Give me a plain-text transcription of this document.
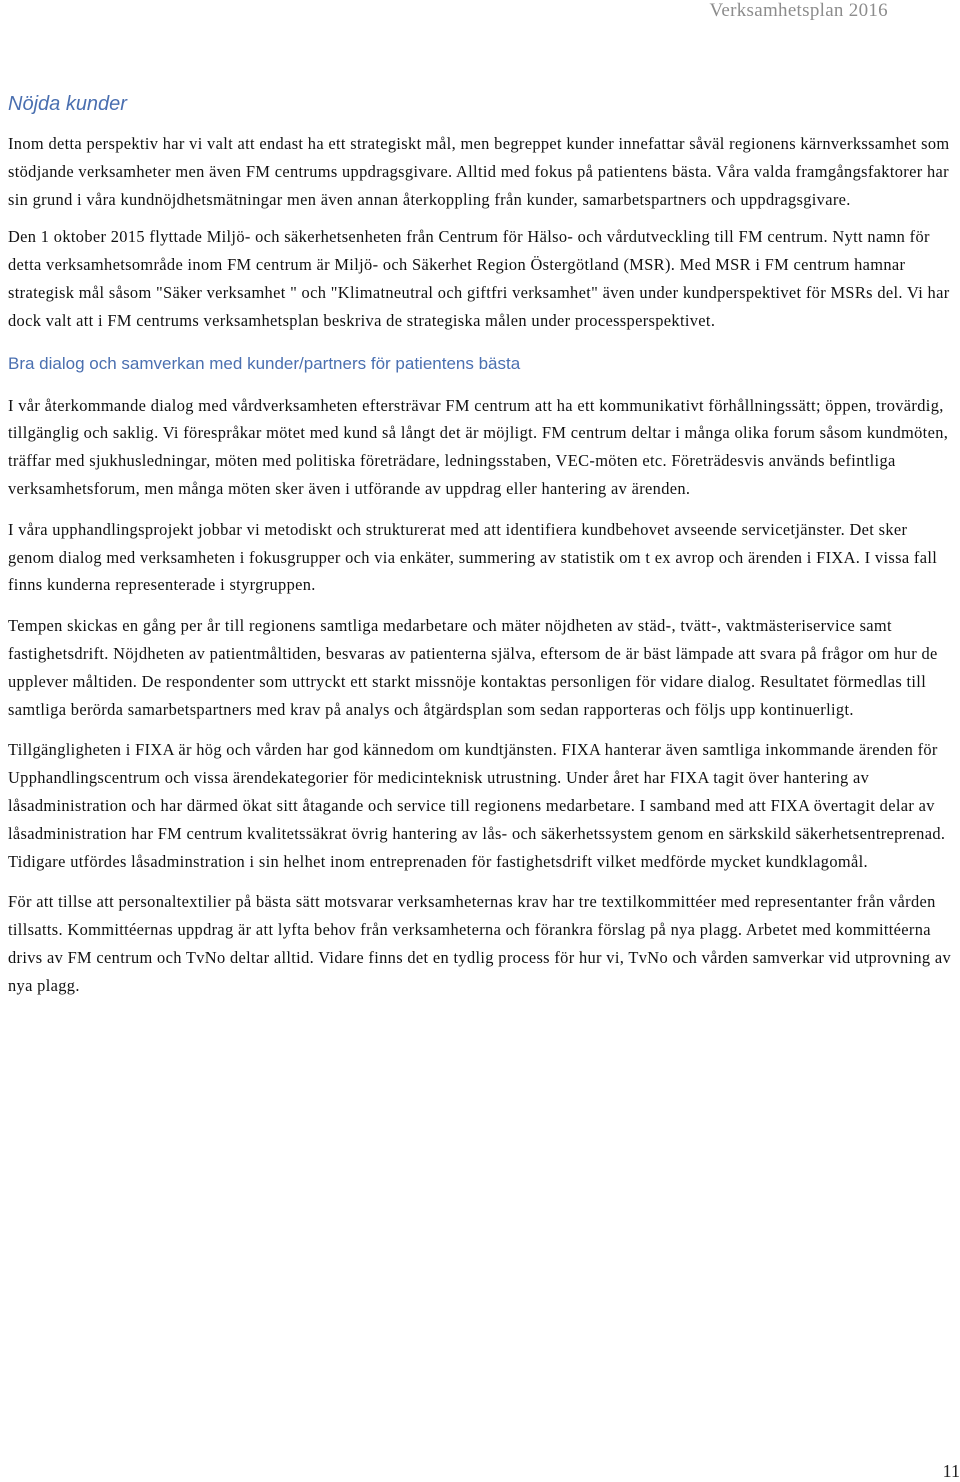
Verksamhetsplan 2016
Nöjda kunder

Inom detta perspektiv har vi valt att endast ha ett strategiskt mål, men begreppet kunder innefattar såväl regionens kärnverkssamhet som stödjande verksamheter men även FM centrums uppdragsgivare. Alltid med fokus på patientens bästa. Våra valda framgångsfaktorer har sin grund i våra kundnöjdhetsmätningar men även annan återkoppling från kunder, samarbetspartners och uppdragsgivare.

Den 1 oktober 2015 flyttade Miljö- och säkerhetsenheten från Centrum för Hälso- och vårdutveckling till FM centrum. Nytt namn för detta verksamhetsområde inom FM centrum är Miljö- och Säkerhet Region Östergötland (MSR). Med MSR i FM centrum hamnar strategisk mål såsom "Säker verksamhet " och "Klimatneutral och giftfri verksamhet" även under kundperspektivet för MSRs del. Vi har dock valt att i FM centrums verksamhetsplan beskriva de strategiska målen under processperspektivet.

Bra dialog och samverkan med kunder/partners för patientens bästa

I vår återkommande dialog med vårdverksamheten eftersträvar FM centrum att ha ett kommunikativt förhållningssätt; öppen, trovärdig, tillgänglig och saklig. Vi förespråkar mötet med kund så långt det är möjligt. FM centrum deltar i många olika forum såsom kundmöten, träffar med sjukhusledningar, möten med politiska företrädare, ledningsstaben, VEC-möten etc. Företrädesvis används befintliga verksamhetsforum, men många möten sker även i utförande av uppdrag eller hantering av ärenden.

I våra upphandlingsprojekt jobbar vi metodiskt och strukturerat med att identifiera kundbehovet avseende servicetjänster. Det sker genom dialog med verksamheten i fokusgrupper och via enkäter, summering av statistik om t ex avrop och ärenden i FIXA. I vissa fall finns kunderna representerade i styrgruppen.

Tempen skickas en gång per år till regionens samtliga medarbetare och mäter nöjdheten av städ-, tvätt-, vaktmästeriservice samt fastighetsdrift. Nöjdheten av patientmåltiden, besvaras av patienterna själva, eftersom de är bäst lämpade att svara på frågor om hur de upplever måltiden. De respondenter som uttryckt ett starkt missnöje kontaktas personligen för vidare dialog. Resultatet förmedlas till samtliga berörda samarbetspartners med krav på analys och åtgärdsplan som sedan rapporteras och följs upp kontinuerligt.

Tillgängligheten i FIXA är hög och vården har god kännedom om kundtjänsten. FIXA hanterar även samtliga inkommande ärenden för Upphandlingscentrum och vissa ärendekategorier för medicinteknisk utrustning. Under året har FIXA tagit över hantering av låsadministration och har därmed ökat sitt åtagande och service till regionens medarbetare. I samband med att FIXA övertagit delar av låsadministration har FM centrum kvalitetssäkrat övrig hantering av lås- och säkerhetssystem genom en särkskild säkerhetsentreprenad. Tidigare utfördes låsadminstration i sin helhet inom entreprenaden för fastighetsdrift vilket medförde mycket kundklagomål.

För att tillse att personaltextilier på bästa sätt motsvarar verksamheternas krav har tre textilkommittéer med representanter från vården tillsatts. Kommittéernas uppdrag är att lyfta behov från verksamheterna och förankra förslag på nya plagg. Arbetet med kommittéerna drivs av FM centrum och TvNo deltar alltid. Vidare finns det en tydlig process för hur vi, TvNo och vården samverkar vid utprovning av nya plagg.

11
